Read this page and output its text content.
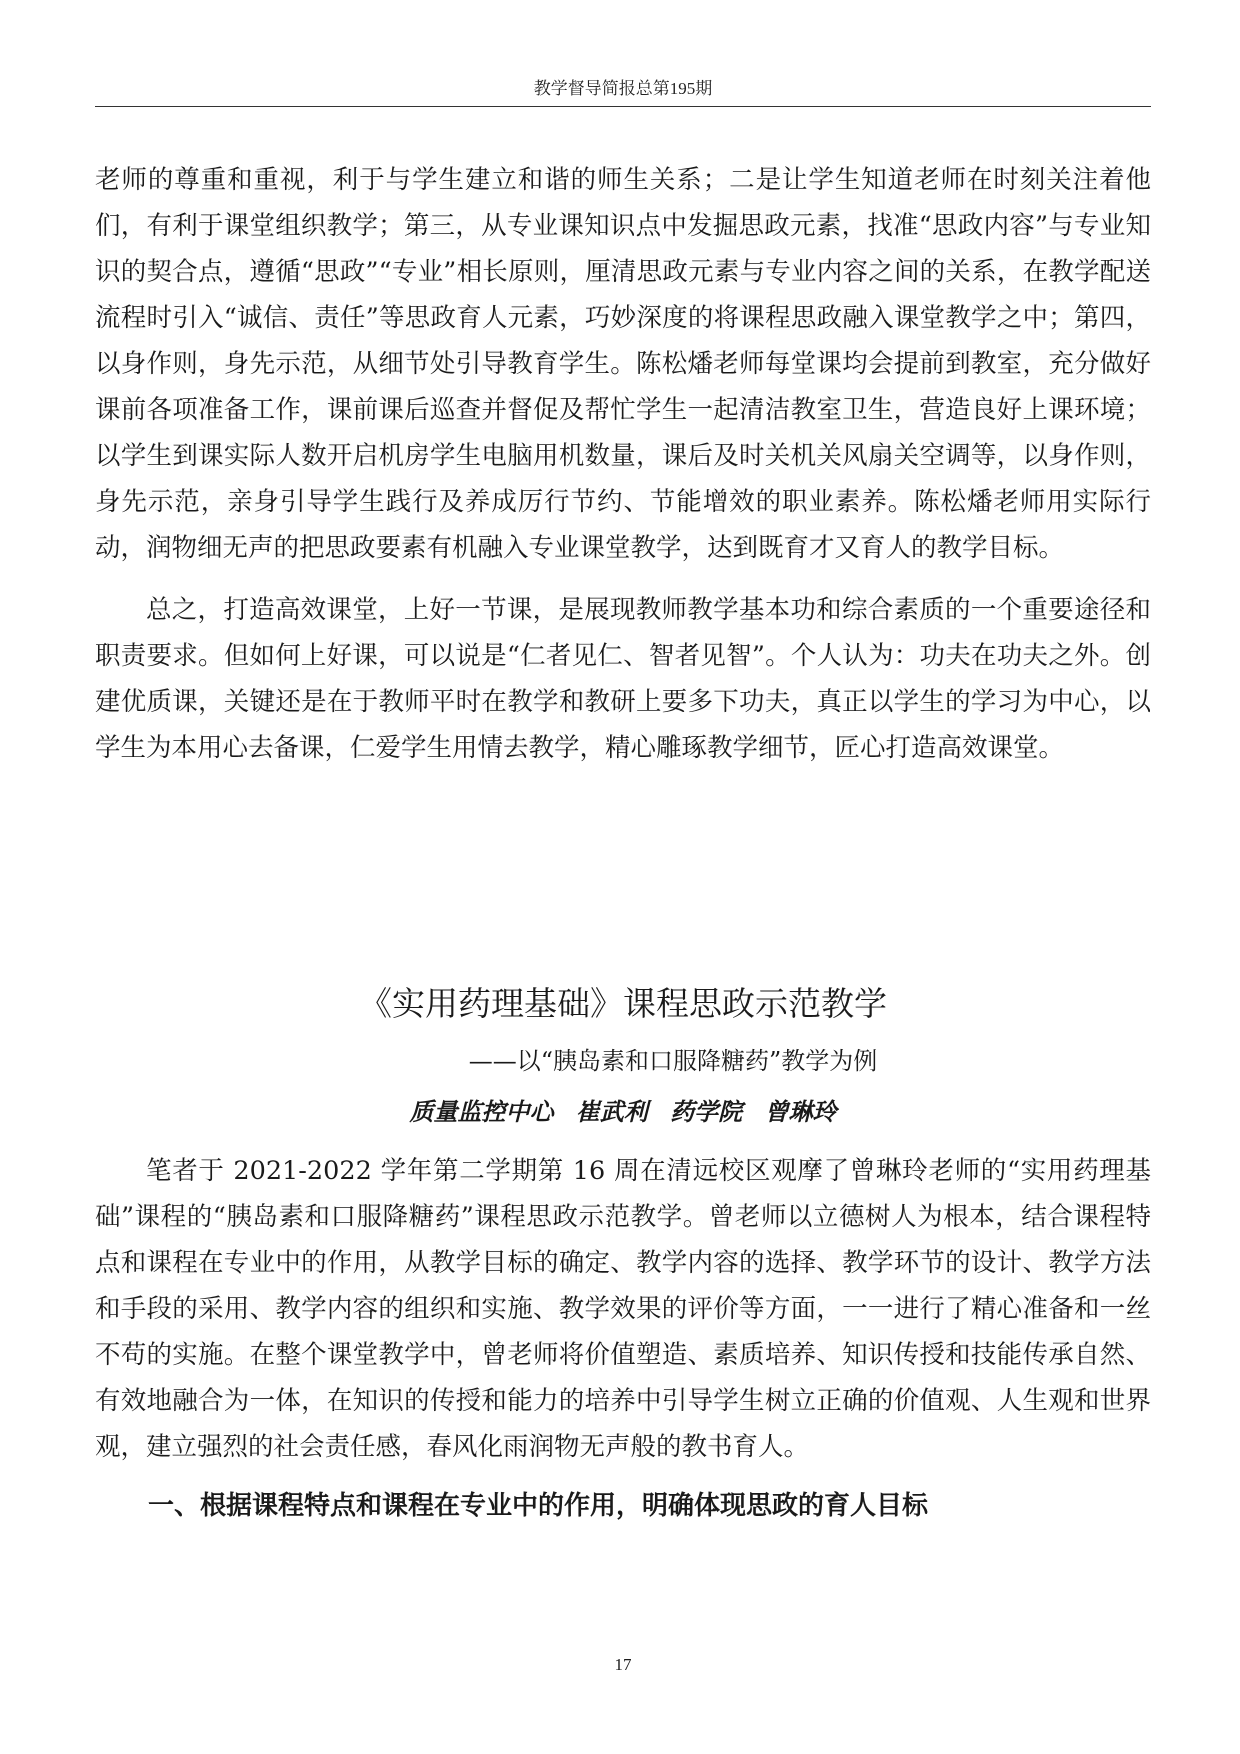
教学督导简报总第195期

老师的尊重和重视，利于与学生建立和谐的师生关系；二是让学生知道老师在时刻关注着他们，有利于课堂组织教学；第三，从专业课知识点中发掘思政元素，找准“思政内容”与专业知识的契合点，遵循“思政”“专业”相长原则，厘清思政元素与专业内容之间的关系，在教学配送流程时引入“诚信、责任”等思政育人元素，巧妙深度的将课程思政融入课堂教学之中；第四，以身作则，身先示范，从细节处引导教育学生。陈松燔老师每堂课均会提前到教室，充分做好课前各项准备工作，课前课后巡查并督促及帮忙学生一起清洁教室卫生，营造良好上课环境；以学生到课实际人数开启机房学生电脑用机数量，课后及时关机关风扇关空调等，以身作则，身先示范，亲身引导学生践行及养成厉行节约、节能增效的职业素养。陈松燔老师用实际行动，润物细无声的把思政要素有机融入专业课堂教学，达到既育才又育人的教学目标。

总之，打造高效课堂，上好一节课，是展现教师教学基本功和综合素质的一个重要途径和职责要求。但如何上好课，可以说是“仁者见仁、智者见智”。个人认为：功夫在功夫之外。创建优质课，关键还是在于教师平时在教学和教研上要多下功夫，真正以学生的学习为中心，以学生为本用心去备课，仁爱学生用情去教学，精心雕琢教学细节，匠心打造高效课堂。

《实用药理基础》课程思政示范教学

——以“胰岛素和口服降糖药”教学为例

质量监控中心 崔武利 药学院 曾琳玲

笔者于 2021-2022 学年第二学期第 16 周在清远校区观摩了曾琳玲老师的“实用药理基础”课程的“胰岛素和口服降糖药”课程思政示范教学。曾老师以立德树人为根本，结合课程特点和课程在专业中的作用，从教学目标的确定、教学内容的选择、教学环节的设计、教学方法和手段的采用、教学内容的组织和实施、教学效果的评价等方面，一一进行了精心准备和一丝不苟的实施。在整个课堂教学中，曾老师将价值塑造、素质培养、知识传授和技能传承自然、有效地融合为一体，在知识的传授和能力的培养中引导学生树立正确的价值观、人生观和世界观，建立强烈的社会责任感，春风化雨润物无声般的教书育人。

一、根据课程特点和课程在专业中的作用，明确体现思政的育人目标
17
